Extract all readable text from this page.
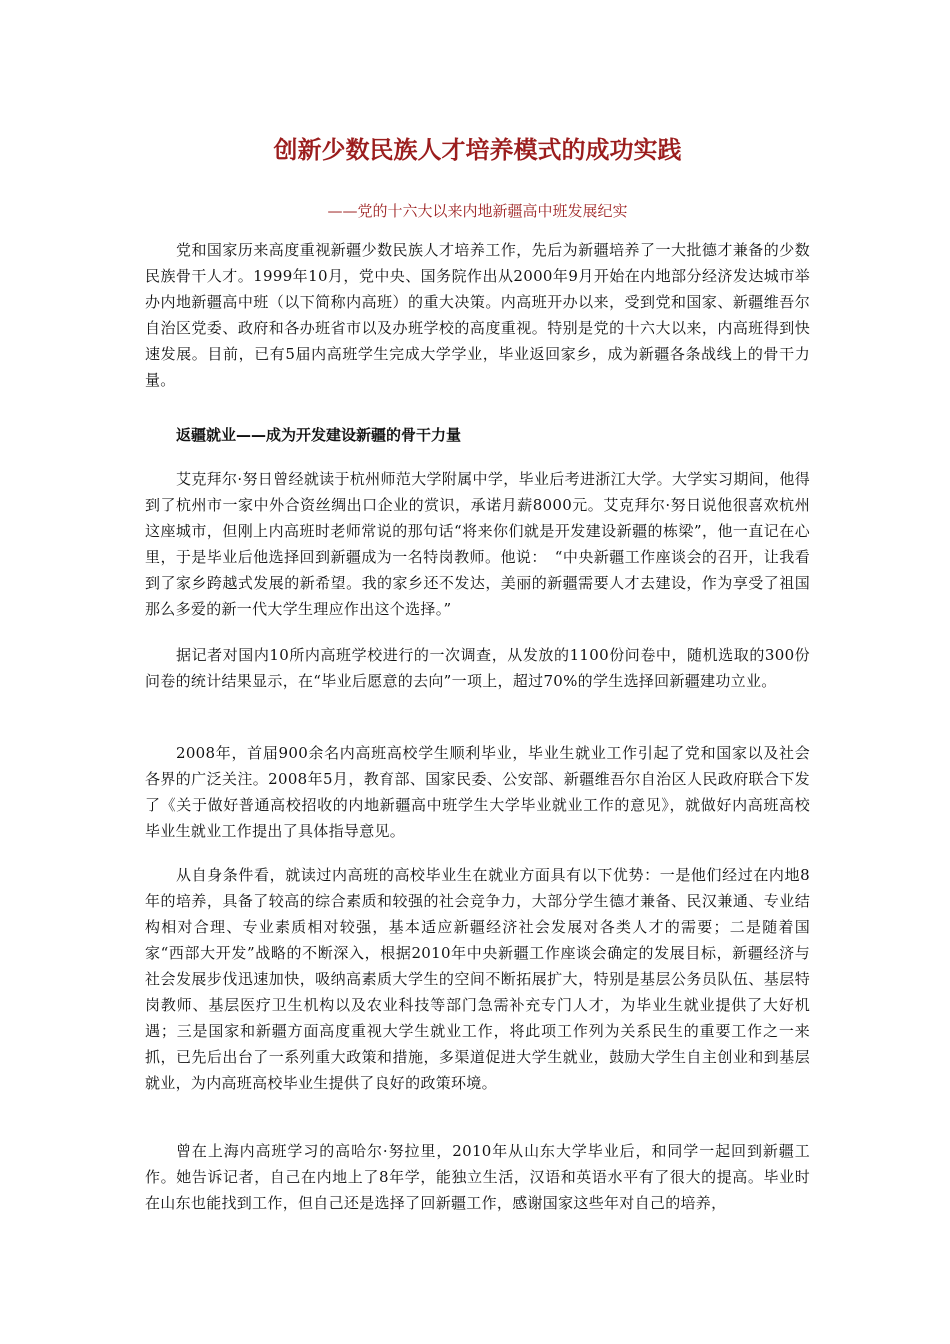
创新少数民族人才培养模式的成功实践

——党的十六大以来内地新疆高中班发展纪实

党和国家历来高度重视新疆少数民族人才培养工作，先后为新疆培养了一大批德才兼备的少数民族骨干人才。1999年10月，党中央、国务院作出从2000年9月开始在内地部分经济发达城市举办内地新疆高中班（以下简称内高班）的重大决策。内高班开办以来，受到党和国家、新疆维吾尔自治区党委、政府和各办班省市以及办班学校的高度重视。特别是党的十六大以来，内高班得到快速发展。目前，已有5届内高班学生完成大学学业，毕业返回家乡，成为新疆各条战线上的骨干力量。

返疆就业——成为开发建设新疆的骨干力量

艾克拜尔·努日曾经就读于杭州师范大学附属中学，毕业后考进浙江大学。大学实习期间，他得到了杭州市一家中外合资丝绸出口企业的赏识，承诺月薪8000元。艾克拜尔·努日说他很喜欢杭州这座城市，但刚上内高班时老师常说的那句话“将来你们就是开发建设新疆的栋梁”，他一直记在心里，于是毕业后他选择回到新疆成为一名特岗教师。他说：　“中央新疆工作座谈会的召开，让我看到了家乡跨越式发展的新希望。我的家乡还不发达，美丽的新疆需要人才去建设，作为享受了祖国那么多爱的新一代大学生理应作出这个选择。”

据记者对国内10所内高班学校进行的一次调查，从发放的1100份问卷中，随机选取的300份问卷的统计结果显示，在“毕业后愿意的去向”一项上，超过70%的学生选择回新疆建功立业。

2008年，首届900余名内高班高校学生顺利毕业，毕业生就业工作引起了党和国家以及社会各界的广泛关注。2008年5月，教育部、国家民委、公安部、新疆维吾尔自治区人民政府联合下发了《关于做好普通高校招收的内地新疆高中班学生大学毕业就业工作的意见》，就做好内高班高校毕业生就业工作提出了具体指导意见。

从自身条件看，就读过内高班的高校毕业生在就业方面具有以下优势：一是他们经过在内地8年的培养，具备了较高的综合素质和较强的社会竞争力，大部分学生德才兼备、民汉兼通、专业结构相对合理、专业素质相对较强，基本适应新疆经济社会发展对各类人才的需要；二是随着国家“西部大开发”战略的不断深入，根据2010年中央新疆工作座谈会确定的发展目标，新疆经济与社会发展步伐迅速加快，吸纳高素质大学生的空间不断拓展扩大，特别是基层公务员队伍、基层特岗教师、基层医疗卫生机构以及农业科技等部门急需补充专门人才，为毕业生就业提供了大好机遇；三是国家和新疆方面高度重视大学生就业工作，将此项工作列为关系民生的重要工作之一来抓，已先后出台了一系列重大政策和措施，多渠道促进大学生就业，鼓励大学生自主创业和到基层就业，为内高班高校毕业生提供了良好的政策环境。

曾在上海内高班学习的高哈尔·努拉里，2010年从山东大学毕业后，和同学一起回到新疆工作。她告诉记者，自己在内地上了8年学，能独立生活，汉语和英语水平有了很大的提高。毕业时在山东也能找到工作，但自己还是选择了回新疆工作，感谢国家这些年对自己的培养，
